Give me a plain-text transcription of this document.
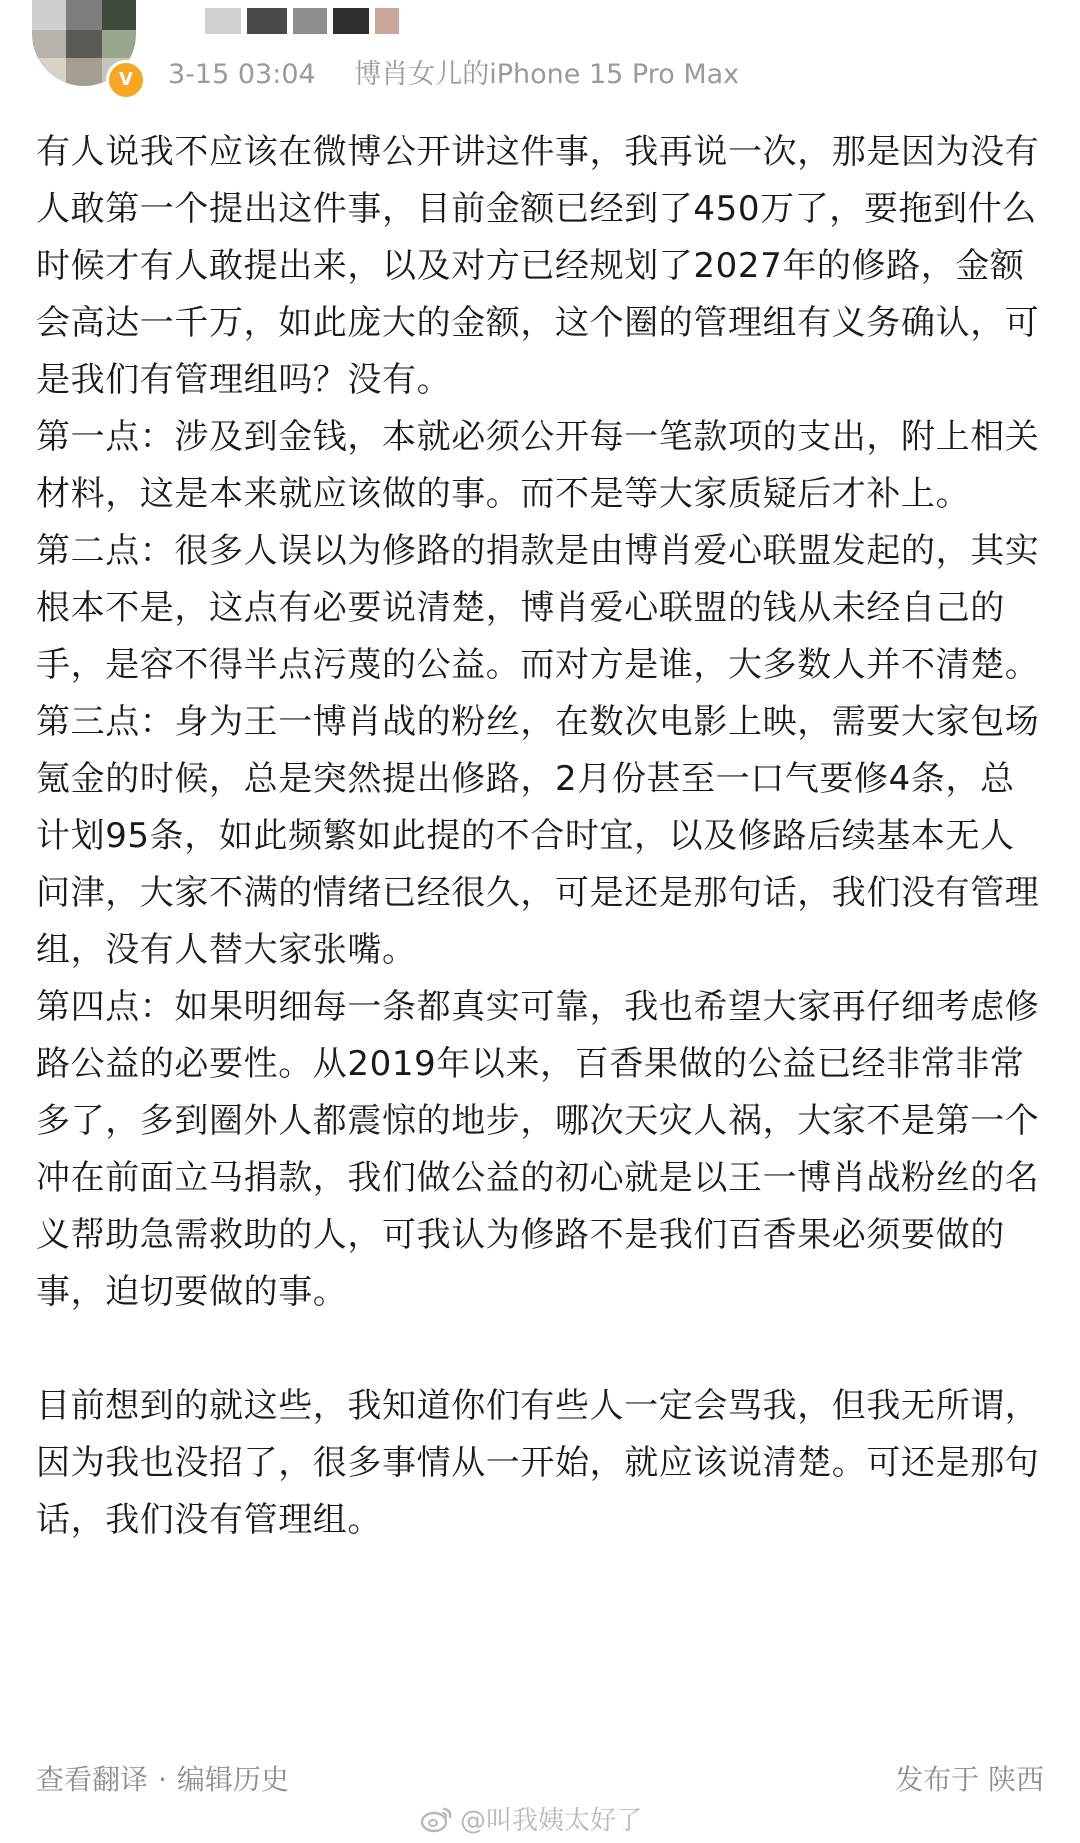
V	3-15 03:04 博肖女儿的iPhone 15 Pro Max

有人说我不应该在微博公开讲这件事，我再说一次，那是因为没有人敢第一个提出这件事，目前金额已经到了450万了，要拖到什么时候才有人敢提出来，以及对方已经规划了2027年的修路，金额会高达一千万，如此庞大的金额，这个圈的管理组有义务确认，可是我们有管理组吗？没有。

第一点：涉及到金钱，本就必须公开每一笔款项的支出，附上相关材料，这是本来就应该做的事。而不是等大家质疑后才补上。

第二点：很多人误以为修路的捐款是由博肖爱心联盟发起的，其实根本不是，这点有必要说清楚，博肖爱心联盟的钱从未经自己的手，是容不得半点污蔑的公益。而对方是谁，大多数人并不清楚。

第三点：身为王一博肖战的粉丝，在数次电影上映，需要大家包场氪金的时候，总是突然提出修路，2月份甚至一口气要修4条，总计划95条，如此频繁如此提的不合时宜，以及修路后续基本无人问津，大家不满的情绪已经很久，可是还是那句话，我们没有管理组，没有人替大家张嘴。

第四点：如果明细每一条都真实可靠，我也希望大家再仔细考虑修路公益的必要性。从2019年以来，百香果做的公益已经非常非常多了，多到圈外人都震惊的地步，哪次天灾人祸，大家不是第一个冲在前面立马捐款，我们做公益的初心就是以王一博肖战粉丝的名义帮助急需救助的人，可我认为修路不是我们百香果必须要做的事，迫切要做的事。

目前想到的就这些，我知道你们有些人一定会骂我，但我无所谓，因为我也没招了，很多事情从一开始，就应该说清楚。可还是那句话，我们没有管理组。

查看翻译 · 编辑历史	发布于 陕西
@叫我姨太好了
